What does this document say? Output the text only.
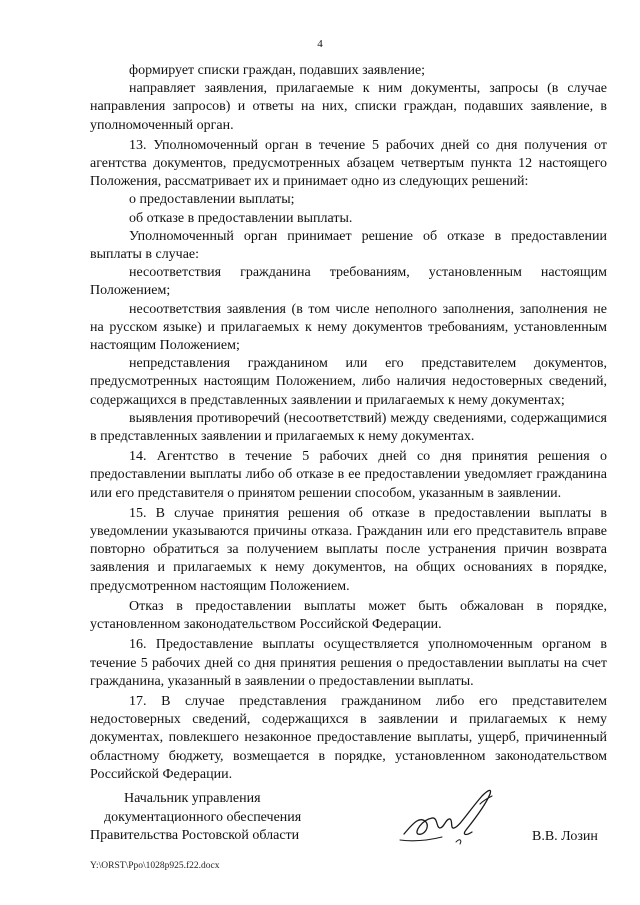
4

формирует списки граждан, подавших заявление;

направляет заявления, прилагаемые к ним документы, запросы (в случае направления запросов) и ответы на них, списки граждан, подавших заявление, в уполномоченный орган.

13. Уполномоченный орган в течение 5 рабочих дней со дня получения от агентства документов, предусмотренных абзацем четвертым пункта 12 настоящего Положения, рассматривает их и принимает одно из следующих решений:

о предоставлении выплаты;

об отказе в предоставлении выплаты.

Уполномоченный орган принимает решение об отказе в предоставлении выплаты в случае:

несоответствия гражданина требованиям, установленным настоящим Положением;

несоответствия заявления (в том числе неполного заполнения, заполнения не на русском языке) и прилагаемых к нему документов требованиям, установленным настоящим Положением;

непредставления гражданином или его представителем документов, предусмотренных настоящим Положением, либо наличия недостоверных сведений, содержащихся в представленных заявлении и прилагаемых к нему документах;

выявления противоречий (несоответствий) между сведениями, содержащимися в представленных заявлении и прилагаемых к нему документах.

14. Агентство в течение 5 рабочих дней со дня принятия решения о предоставлении выплаты либо об отказе в ее предоставлении уведомляет гражданина или его представителя о принятом решении способом, указанным в заявлении.

15. В случае принятия решения об отказе в предоставлении выплаты в уведомлении указываются причины отказа. Гражданин или его представитель вправе повторно обратиться за получением выплаты после устранения причин возврата заявления и прилагаемых к нему документов, на общих основаниях в порядке, предусмотренном настоящим Положением.

Отказ в предоставлении выплаты может быть обжалован в порядке, установленном законодательством Российской Федерации.

16. Предоставление выплаты осуществляется уполномоченным органом в течение 5 рабочих дней со дня принятия решения о предоставлении выплаты на счет гражданина, указанный в заявлении о предоставлении выплаты.

17. В случае представления гражданином либо его представителем недостоверных сведений, содержащихся в заявлении и прилагаемых к нему документах, повлекшего незаконное предоставление выплаты, ущерб, причиненный областному бюджету, возмещается в порядке, установленном законодательством Российской Федерации.

Начальник управления
документационного обеспечения
Правительства Ростовской области	В.В. Лозин
Y:\ORST\Ppo\1028p925.f22.docx
